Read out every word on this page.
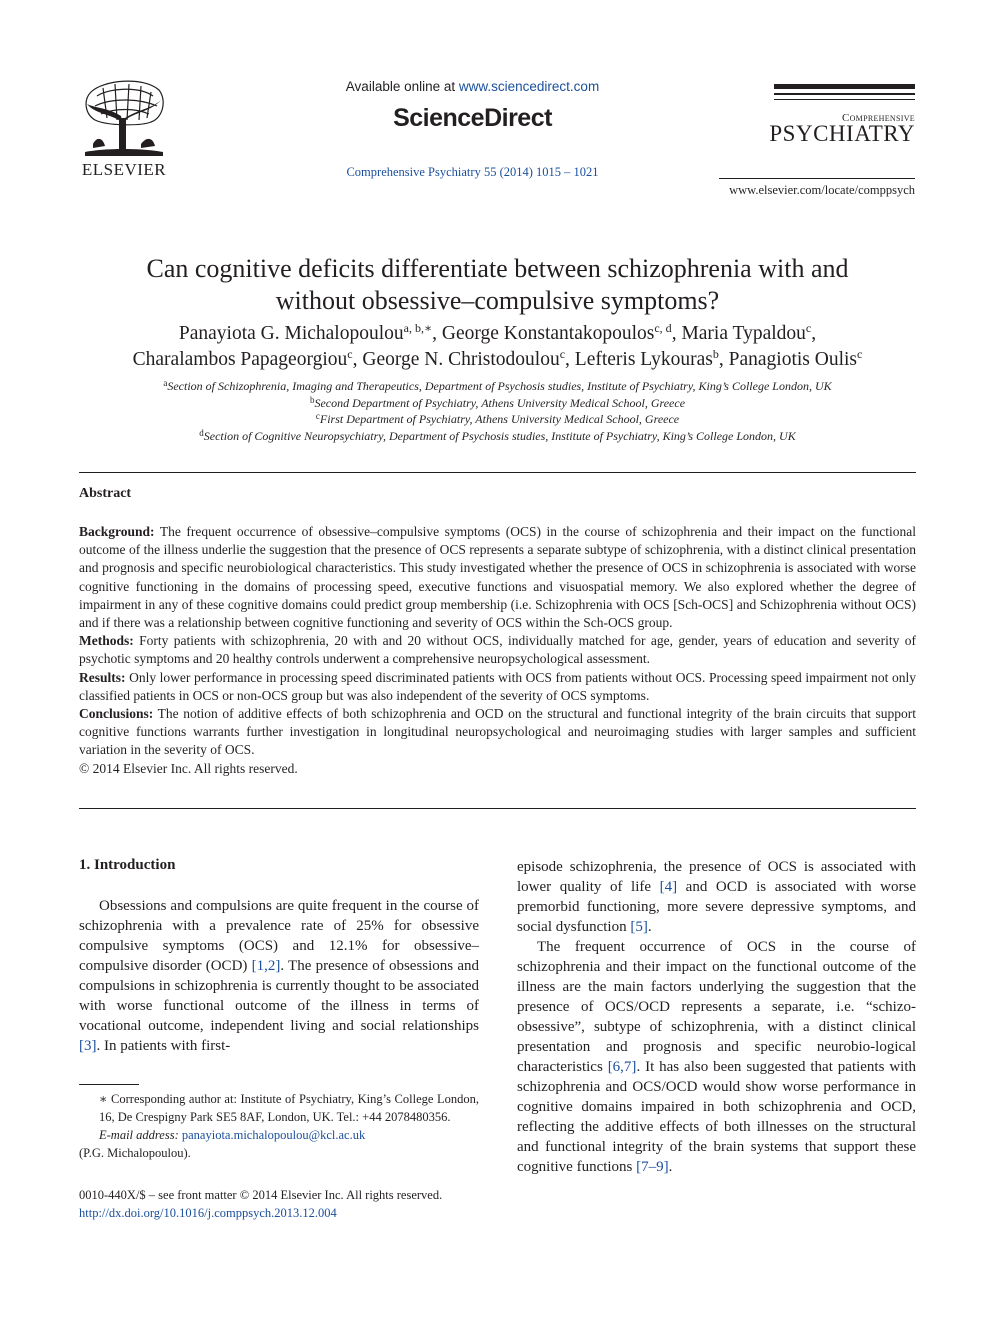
ELSEVIER
Available online at www.sciencedirect.com
ScienceDirect
Comprehensive Psychiatry 55 (2014) 1015 – 1021
Comprehensive
PSYCHIATRY
www.elsevier.com/locate/comppsych
Can cognitive deficits differentiate between schizophrenia with and
without obsessive–compulsive symptoms?
Panayiota G. Michalopoulou$^{a, b,∗}$, George Konstantakopoulos$^{c, d}$, Maria Typaldou$^c$,
Charalambos Papageorgiou$^c$, George N. Christodoulou$^c$, Lefteris Lykouras$^b$, Panagiotis Oulis$^c$
$^a$Section of Schizophrenia, Imaging and Therapeutics, Department of Psychosis studies, Institute of Psychiatry, King’s College London, UK
$^b$Second Department of Psychiatry, Athens University Medical School, Greece
$^c$First Department of Psychiatry, Athens University Medical School, Greece
$^d$Section of Cognitive Neuropsychiatry, Department of Psychosis studies, Institute of Psychiatry, King’s College London, UK
Abstract

Background: The frequent occurrence of obsessive–compulsive symptoms (OCS) in the course of schizophrenia and their impact on the functional outcome of the illness underlie the suggestion that the presence of OCS represents a separate subtype of schizophrenia, with a distinct clinical presentation and prognosis and specific neurobiological characteristics. This study investigated whether the presence of OCS in schizophrenia is associated with worse cognitive functioning in the domains of processing speed, executive functions and visuospatial memory. We also explored whether the degree of impairment in any of these cognitive domains could predict group membership (i.e. Schizophrenia with OCS [Sch-OCS] and Schizophrenia without OCS) and if there was a relationship between cognitive functioning and severity of OCS within the Sch-OCS group.

Methods: Forty patients with schizophrenia, 20 with and 20 without OCS, individually matched for age, gender, years of education and severity of psychotic symptoms and 20 healthy controls underwent a comprehensive neuropsychological assessment.

Results: Only lower performance in processing speed discriminated patients with OCS from patients without OCS. Processing speed impairment not only classified patients in OCS or non-OCS group but was also independent of the severity of OCS symptoms.

Conclusions: The notion of additive effects of both schizophrenia and OCD on the structural and functional integrity of the brain circuits that support cognitive functions warrants further investigation in longitudinal neuropsychological and neuroimaging studies with larger samples and sufficient variation in the severity of OCS.

© 2014 Elsevier Inc. All rights reserved.

1. Introduction

Obsessions and compulsions are quite frequent in the course of schizophrenia with a prevalence rate of 25% for obsessive compulsive symptoms (OCS) and 12.1% for obsessive–compulsive disorder (OCD) [1,2]. The presence of obsessions and compulsions in schizophrenia is currently thought to be associated with worse functional outcome of the illness in terms of vocational outcome, independent living and social relationships [3]. In patients with first-

episode schizophrenia, the presence of OCS is associated with lower quality of life [4] and OCD is associated with worse premorbid functioning, more severe depressive symptoms, and social dysfunction [5].

The frequent occurrence of OCS in the course of schizophrenia and their impact on the functional outcome of the illness are the main factors underlying the suggestion that the presence of OCS/OCD represents a separate, i.e. “schizo-obsessive”, subtype of schizophrenia, with a distinct clinical presentation and prognosis and specific neurobio-logical characteristics [6,7]. It has also been suggested that patients with schizophrenia and OCS/OCD would show worse performance in cognitive domains impaired in both schizophrenia and OCD, reflecting the additive effects of both illnesses on the structural and functional integrity of the brain systems that support these cognitive functions [7–9].

∗ Corresponding author at: Institute of Psychiatry, King’s College London, 16, De Crespigny Park SE5 8AF, London, UK. Tel.: +44 2078480356.
E-mail address: panayiota.michalopoulou@kcl.ac.uk
(P.G. Michalopoulou).
0010-440X/$ – see front matter © 2014 Elsevier Inc. All rights reserved.
http://dx.doi.org/10.1016/j.comppsych.2013.12.004
